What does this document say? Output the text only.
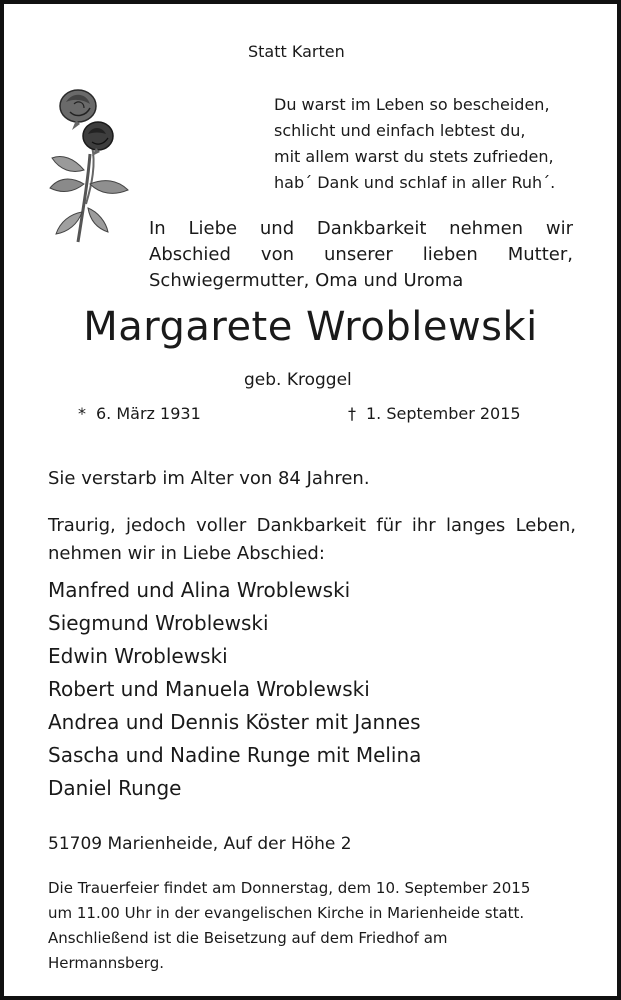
Statt Karten
Du warst im Leben so bescheiden,
schlicht und einfach lebtest du,
mit allem warst du stets zufrieden,
hab´ Dank und schlaf in aller Ruh´.
In Liebe und Dankbarkeit nehmen wir
Abschied von unserer lieben Mutter,
Schwiegermutter, Oma und Uroma
Margarete Wroblewski
geb. Kroggel
* 6. März 1931	† 1. September 2015
Sie verstarb im Alter von 84 Jahren.
Traurig, jedoch voller Dankbarkeit für ihr langes Leben,
nehmen wir in Liebe Abschied:
Manfred und Alina Wroblewski
Siegmund Wroblewski
Edwin Wroblewski
Robert und Manuela Wroblewski
Andrea und Dennis Köster mit Jannes
Sascha und Nadine Runge mit Melina
Daniel Runge
51709 Marienheide, Auf der Höhe 2
Die Trauerfeier findet am Donnerstag, dem 10. September 2015
um 11.00 Uhr in der evangelischen Kirche in Marienheide statt.
Anschließend ist die Beisetzung auf dem Friedhof am
Hermannsberg.
